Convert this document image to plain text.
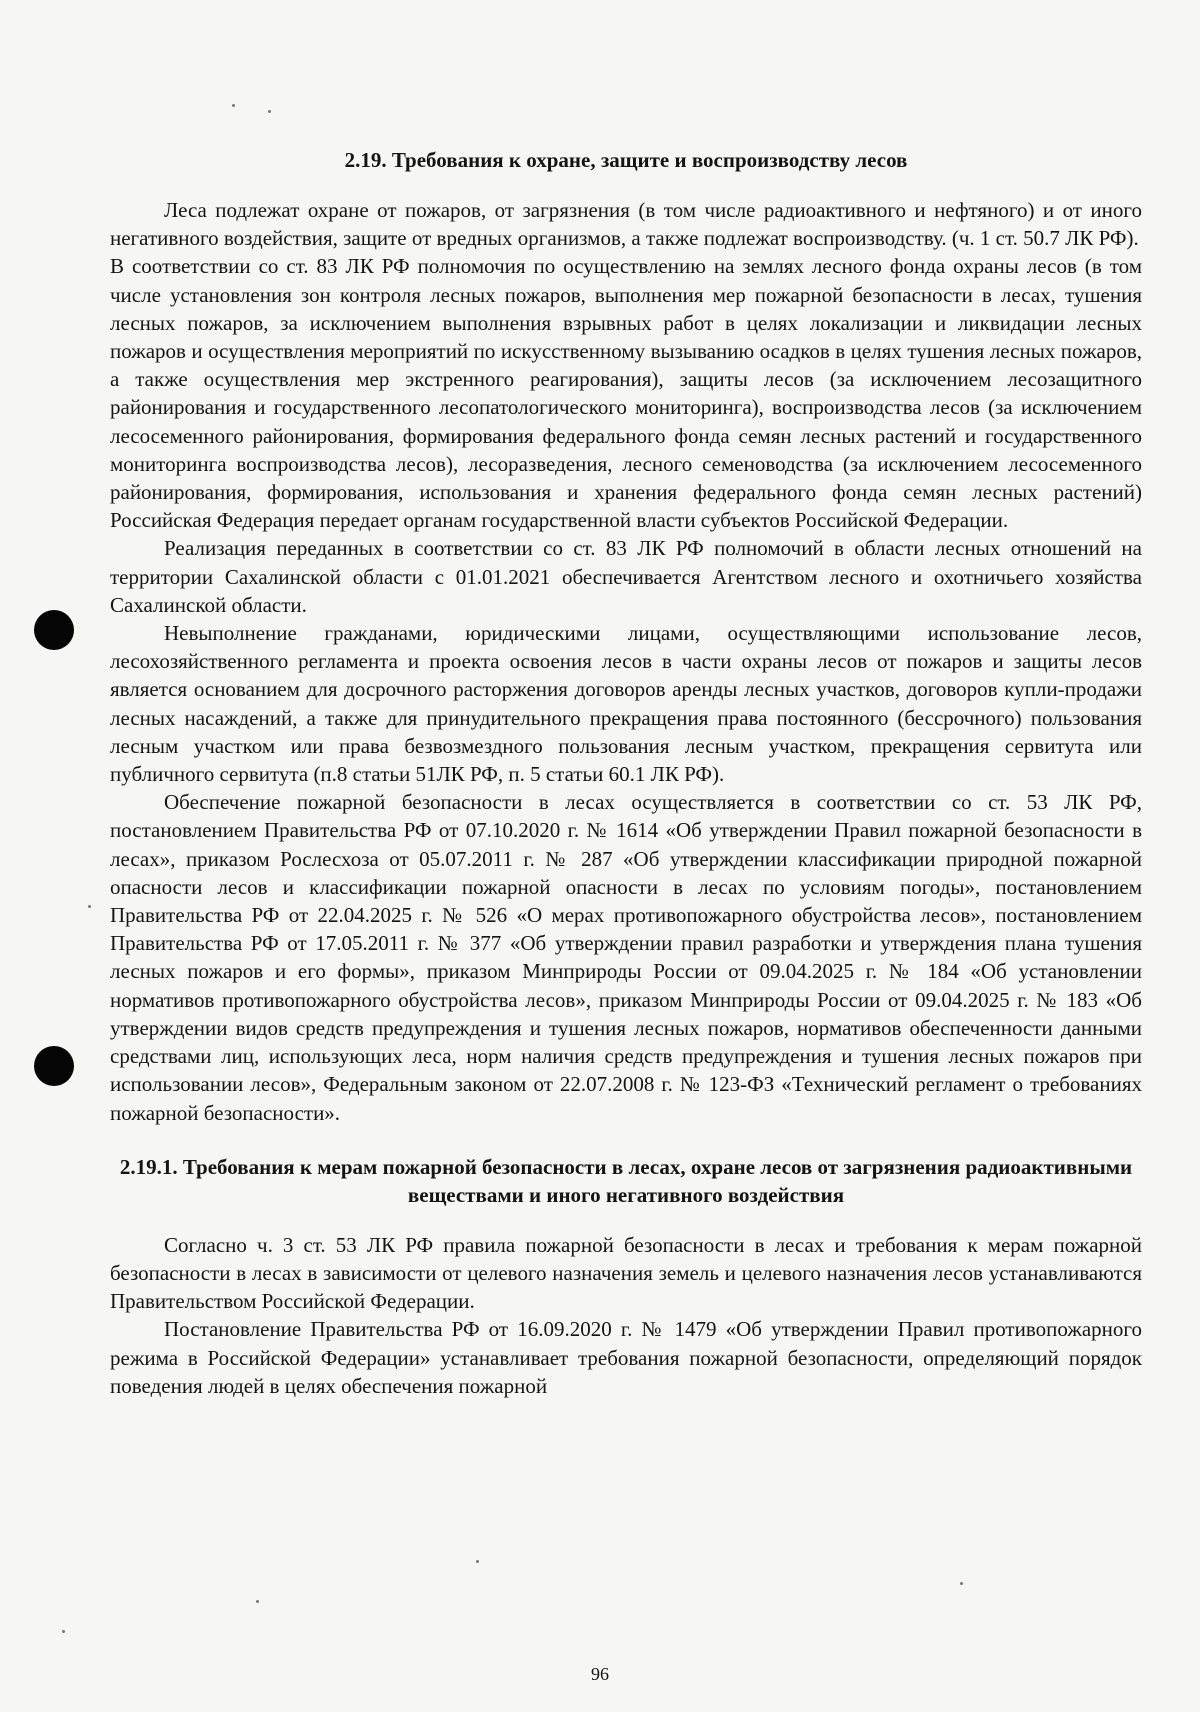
2.19. Требования к охране, защите и воспроизводству лесов

Леса подлежат охране от пожаров, от загрязнения (в том числе радиоактивного и нефтяного) и от иного негативного воздействия, защите от вредных организмов, а также подлежат воспроизводству. (ч. 1 ст. 50.7 ЛК РФ).

В соответствии со ст. 83 ЛК РФ полномочия по осуществлению на землях лесного фонда охраны лесов (в том числе установления зон контроля лесных пожаров, выполнения мер пожарной безопасности в лесах, тушения лесных пожаров, за исключением выполнения взрывных работ в целях локализации и ликвидации лесных пожаров и осуществления мероприятий по искусственному вызыванию осадков в целях тушения лесных пожаров, а также осуществления мер экстренного реагирования), защиты лесов (за исключением лесозащитного районирования и государственного лесопатологического мониторинга), воспроизводства лесов (за исключением лесосеменного районирования, формирования федерального фонда семян лесных растений и государственного мониторинга воспроизводства лесов), лесоразведения, лесного семеноводства (за исключением лесосеменного районирования, формирования, использования и хранения федерального фонда семян лесных растений) Российская Федерация передает органам государственной власти субъектов Российской Федерации.

Реализация переданных в соответствии со ст. 83 ЛК РФ полномочий в области лесных отношений на территории Сахалинской области с 01.01.2021 обеспечивается Агентством лесного и охотничьего хозяйства Сахалинской области.

Невыполнение гражданами, юридическими лицами, осуществляющими использование лесов, лесохозяйственного регламента и проекта освоения лесов в части охраны лесов от пожаров и защиты лесов является основанием для досрочного расторжения договоров аренды лесных участков, договоров купли-продажи лесных насаждений, а также для принудительного прекращения права постоянного (бессрочного) пользования лесным участком или права безвозмездного пользования лесным участком, прекращения сервитута или публичного сервитута (п.8 статьи 51ЛК РФ, п. 5 статьи 60.1 ЛК РФ).

Обеспечение пожарной безопасности в лесах осуществляется в соответствии со ст. 53 ЛК РФ, постановлением Правительства РФ от 07.10.2020 г. № 1614 «Об утверждении Правил пожарной безопасности в лесах», приказом Рослесхоза от 05.07.2011 г. № 287 «Об утверждении классификации природной пожарной опасности лесов и классификации пожарной опасности в лесах по условиям погоды», постановлением Правительства РФ от 22.04.2025 г. № 526 «О мерах противопожарного обустройства лесов», постановлением Правительства РФ от 17.05.2011 г. № 377 «Об утверждении правил разработки и утверждения плана тушения лесных пожаров и его формы», приказом Минприроды России от 09.04.2025 г. № 184 «Об установлении нормативов противопожарного обустройства лесов», приказом Минприроды России от 09.04.2025 г. № 183 «Об утверждении видов средств предупреждения и тушения лесных пожаров, нормативов обеспеченности данными средствами лиц, использующих леса, норм наличия средств предупреждения и тушения лесных пожаров при использовании лесов», Федеральным законом от 22.07.2008 г. № 123-ФЗ «Технический регламент о требованиях пожарной безопасности».

2.19.1. Требования к мерам пожарной безопасности в лесах, охране лесов от загрязнения радиоактивными веществами и иного негативного воздействия

Согласно ч. 3 ст. 53 ЛК РФ правила пожарной безопасности в лесах и требования к мерам пожарной безопасности в лесах в зависимости от целевого назначения земель и целевого назначения лесов устанавливаются Правительством Российской Федерации.

Постановление Правительства РФ от 16.09.2020 г. № 1479 «Об утверждении Правил противопожарного режима в Российской Федерации» устанавливает требования пожарной безопасности, определяющий порядок поведения людей в целях обеспечения пожарной

96
